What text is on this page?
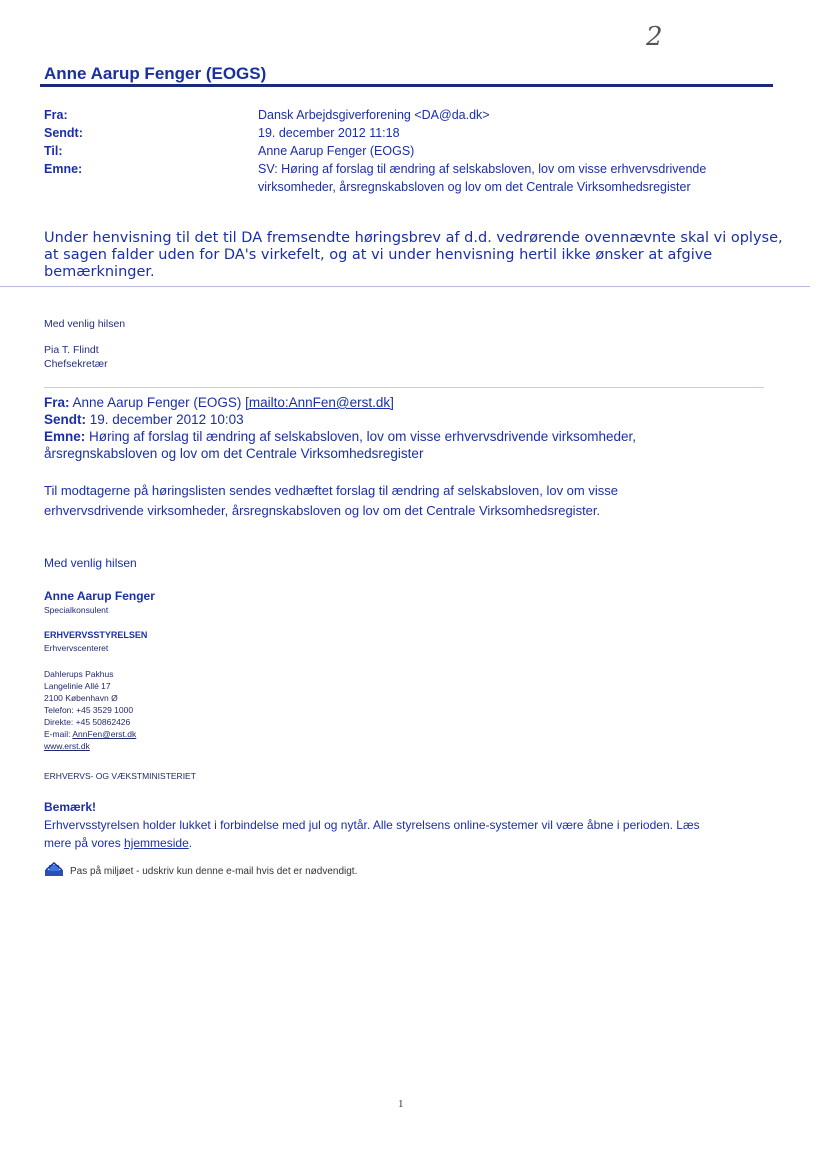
2
Anne Aarup Fenger (EOGS)
Fra:	Dansk Arbejdsgiverforening <DA@da.dk>
Sendt:	19. december 2012 11:18
Til:	Anne Aarup Fenger (EOGS)
Emne:	SV: Høring af forslag til ændring af selskabsloven, lov om visse erhvervsdrivende
virksomheder, årsregnskabsloven og lov om det Centrale Virksomhedsregister
Under henvisning til det til DA fremsendte høringsbrev af d.d. vedrørende ovennævnte skal vi oplyse,
at sagen falder uden for DA's virkefelt, og at vi under henvisning hertil ikke ønsker at afgive
bemærkninger.
Med venlig hilsen
Pia T. Flindt
Chefsekretær
Fra: Anne Aarup Fenger (EOGS) [mailto:AnnFen@erst.dk]
Sendt: 19. december 2012 10:03
Emne: Høring af forslag til ændring af selskabsloven, lov om visse erhvervsdrivende virksomheder,
årsregnskabsloven og lov om det Centrale Virksomhedsregister
Til modtagerne på høringslisten sendes vedhæftet forslag til ændring af selskabsloven, lov om visse
erhvervsdrivende virksomheder, årsregnskabsloven og lov om det Centrale Virksomhedsregister.
Med venlig hilsen
Anne Aarup Fenger
Specialkonsulent
ERHVERVSSTYRELSEN
Erhvervscenteret
Dahlerups Pakhus
Langelinie Allé 17
2100 København Ø
Telefon: +45 3529 1000
Direkte: +45 50862426
E-mail: AnnFen@erst.dk
www.erst.dk
ERHVERVS- OG VÆKSTMINISTERIET
Bemærk!
Erhvervsstyrelsen holder lukket i forbindelse med jul og nytår. Alle styrelsens online-systemer vil være åbne i perioden. Læs
mere på vores hjemmeside.
Pas på miljøet - udskriv kun denne e-mail hvis det er nødvendigt.
1
